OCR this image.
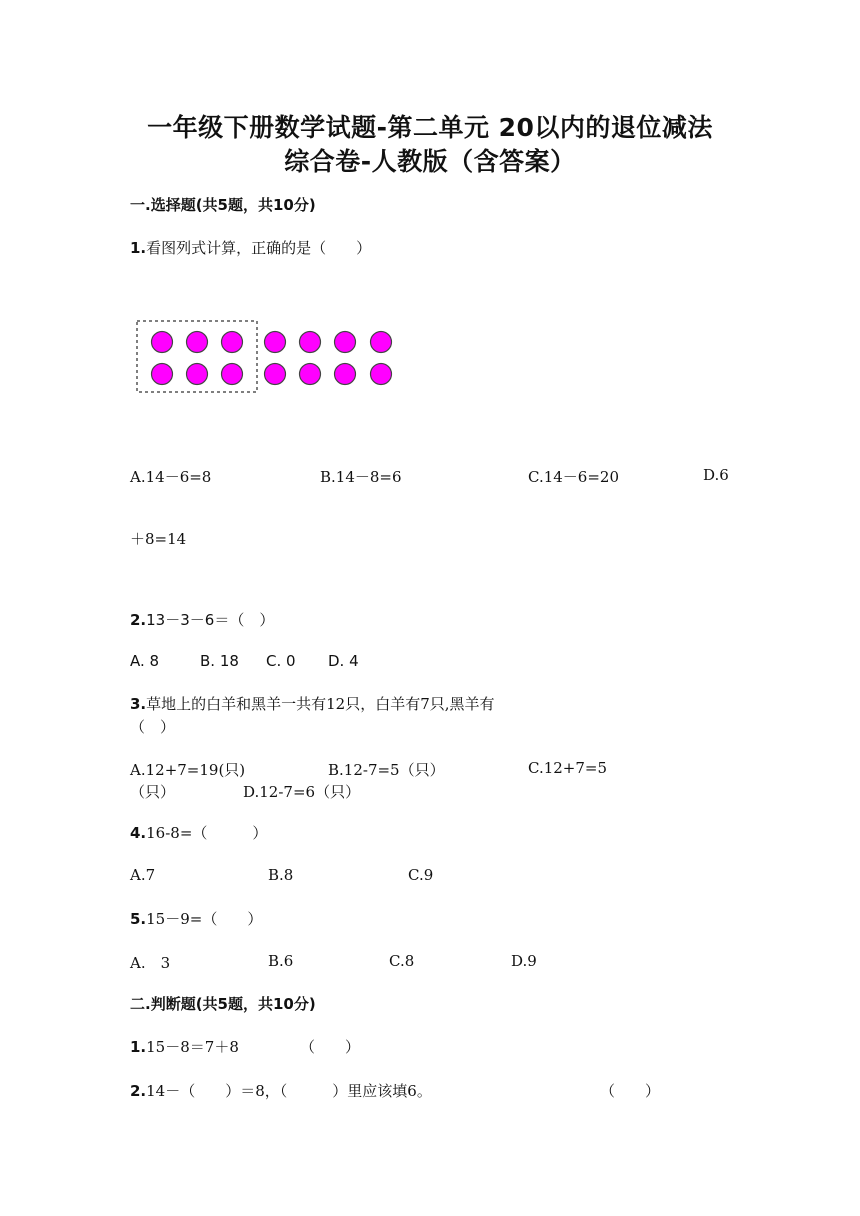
一年级下册数学试题-第二单元 20以内的退位减法
综合卷-人教版（含答案）
一.选择题(共5题，共10分)
1.看图列式计算，正确的是（　　）
A.14－6=8	B.14－8=6	C.14－6=20	D.6
＋8=14
2.13－3－6＝（　）
A. 8	B. 18 C. 0 D. 4
3.草地上的白羊和黑羊一共有12只，白羊有7只,黑羊有
（　）
A.12+7=19(只)	B.12-7=5（只）	C.12+7=5
（只）	D.12-7=6（只）
4.16-8=（　　　）
A.7	B.8	C.9
5.15－9=（　　）
A.　3	B.6	C.8	D.9
二.判断题(共5题，共10分)
1.15－8＝7＋8	（　　）
2.14－（　　）＝8，（　　　）里应该填6。	（　　）
